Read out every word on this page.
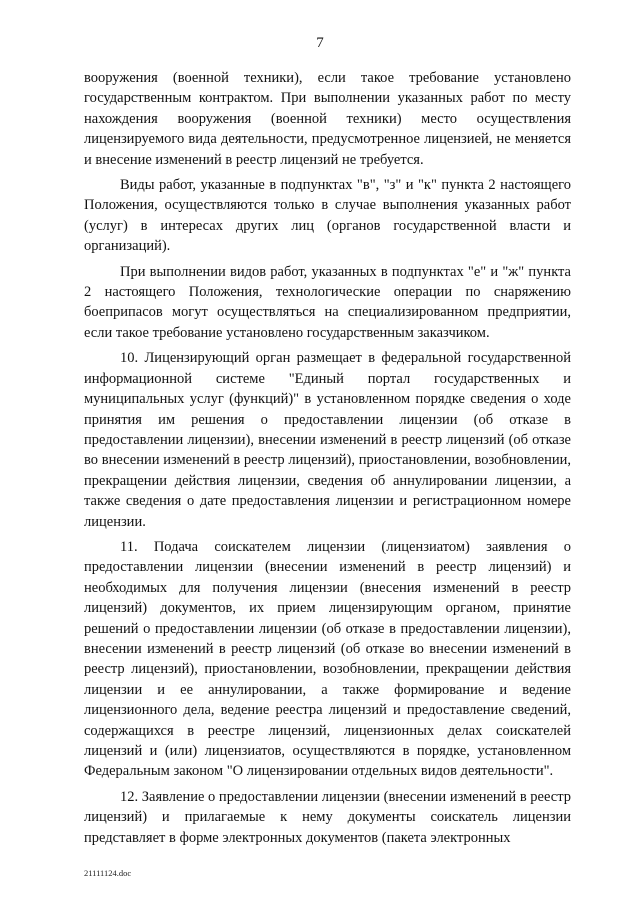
7

вооружения (военной техники), если такое требование установлено государственным контрактом. При выполнении указанных работ по месту нахождения вооружения (военной техники) место осуществления лицензируемого вида деятельности, предусмотренное лицензией, не меняется и внесение изменений в реестр лицензий не требуется.

Виды работ, указанные в подпунктах "в", "з" и "к" пункта 2 настоящего Положения, осуществляются только в случае выполнения указанных работ (услуг) в интересах других лиц (органов государственной власти и организаций).

При выполнении видов работ, указанных в подпунктах "е" и "ж" пункта 2 настоящего Положения, технологические операции по снаряжению боеприпасов могут осуществляться на специализированном предприятии, если такое требование установлено государственным заказчиком.

10. Лицензирующий орган размещает в федеральной государственной информационной системе "Единый портал государственных и муниципальных услуг (функций)" в установленном порядке сведения о ходе принятия им решения о предоставлении лицензии (об отказе в предоставлении лицензии), внесении изменений в реестр лицензий (об отказе во внесении изменений в реестр лицензий), приостановлении, возобновлении, прекращении действия лицензии, сведения об аннулировании лицензии, а также сведения о дате предоставления лицензии и регистрационном номере лицензии.

11. Подача соискателем лицензии (лицензиатом) заявления о предоставлении лицензии (внесении изменений в реестр лицензий) и необходимых для получения лицензии (внесения изменений в реестр лицензий) документов, их прием лицензирующим органом, принятие решений о предоставлении лицензии (об отказе в предоставлении лицензии), внесении изменений в реестр лицензий (об отказе во внесении изменений в реестр лицензий), приостановлении, возобновлении, прекращении действия лицензии и ее аннулировании, а также формирование и ведение лицензионного дела, ведение реестра лицензий и предоставление сведений, содержащихся в реестре лицензий, лицензионных делах соискателей лицензий и (или) лицензиатов, осуществляются в порядке, установленном Федеральным законом "О лицензировании отдельных видов деятельности".

12. Заявление о предоставлении лицензии (внесении изменений в реестр лицензий) и прилагаемые к нему документы соискатель лицензии представляет в форме электронных документов (пакета электронных

21111124.doc
